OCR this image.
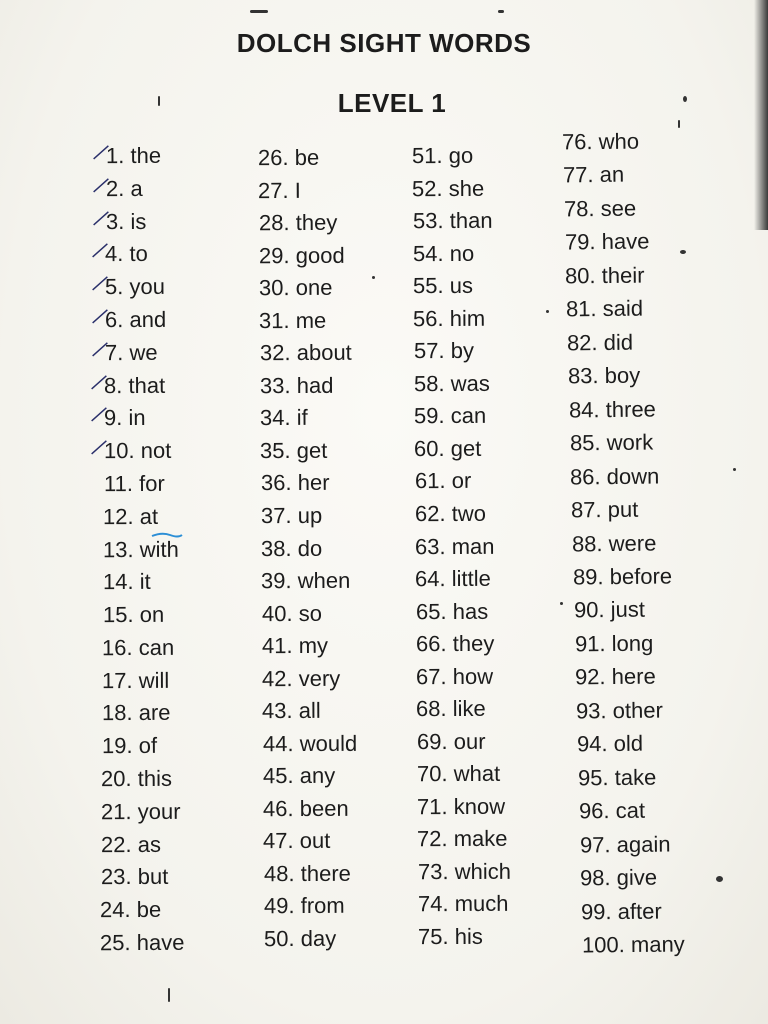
DOLCH SIGHT WORDS
LEVEL 1
1. the
2. a
3. is
4. to
5. you
6. and
7. we
8. that
9. in
10. not
11. for
12. at
13. with
14. it
15. on
16. can
17. will
18. are
19. of
20. this
21. your
22. as
23. but
24. be
25. have
26. be
27. I
28. they
29. good
30. one
31. me
32. about
33. had
34. if
35. get
36. her
37. up
38. do
39. when
40. so
41. my
42. very
43. all
44. would
45. any
46. been
47. out
48. there
49. from
50. day
51. go
52. she
53. than
54. no
55. us
56. him
57. by
58. was
59. can
60. get
61. or
62. two
63. man
64. little
65. has
66. they
67. how
68. like
69. our
70. what
71. know
72. make
73. which
74. much
75. his
76. who
77. an
78. see
79. have
80. their
81. said
82. did
83. boy
84. three
85. work
86. down
87. put
88. were
89. before
90. just
91. long
92. here
93. other
94. old
95. take
96. cat
97. again
98. give
99. after
100. many
